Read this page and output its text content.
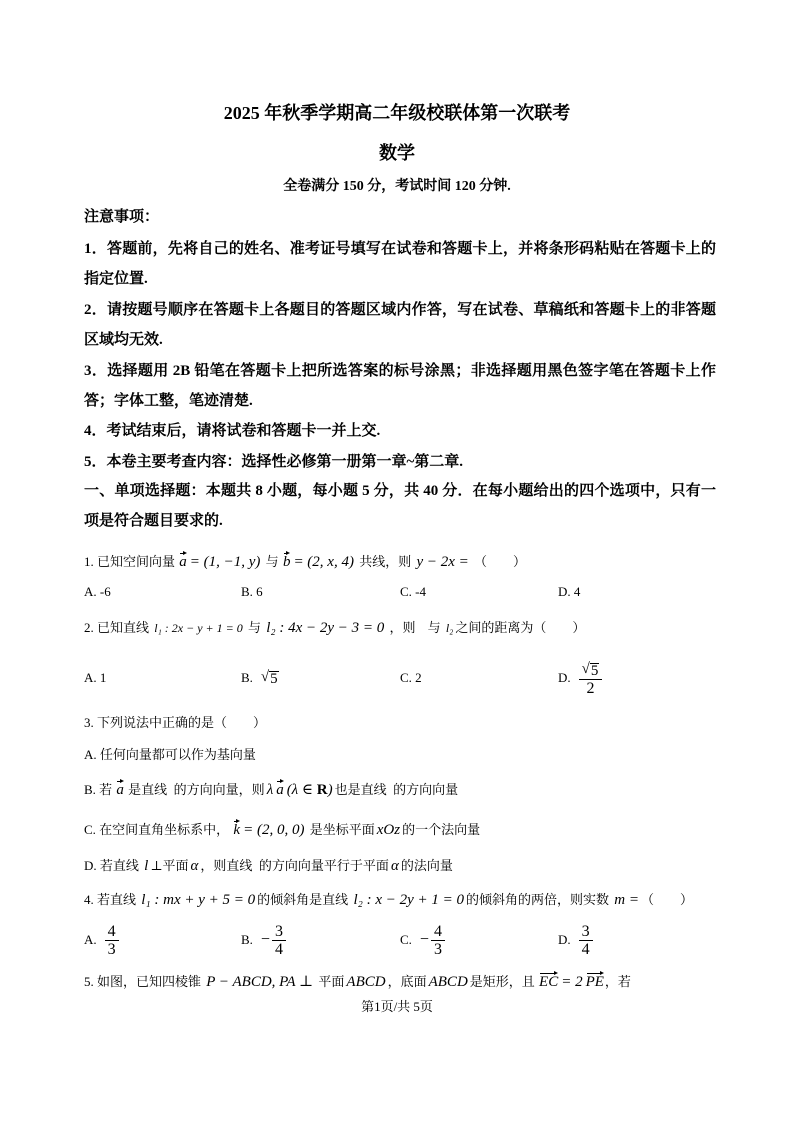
2025 年秋季学期高二年级校联体第一次联考
数学
全卷满分 150 分，考试时间 120 分钟.

注意事项：

1．答题前，先将自己的姓名、准考证号填写在试卷和答题卡上，并将条形码粘贴在答题卡上的指定位置.

2．请按题号顺序在答题卡上各题目的答题区域内作答，写在试卷、草稿纸和答题卡上的非答题区域均无效.

3．选择题用 2B 铅笔在答题卡上把所选答案的标号涂黑；非选择题用黑色签字笔在答题卡上作答；字体工整，笔迹清楚.

4．考试结束后，请将试卷和答题卡一并上交.

5．本卷主要考查内容：选择性必修第一册第一章~第二章.

一、单项选择题：本题共 8 小题，每小题 5 分，共 40 分．在每小题给出的四个选项中，只有一项是符合题目要求的.

1. 已知空间向量 a = (1, −1, y) 与 b = (2, x, 4) 共线，则 y − 2x = （　　）
A. -6	B. 6	C. -4	D. 4
2. 已知直线 l₁ : 2x − y + 1 = 0 与 l₂ : 4x − 2y − 3 = 0 ，则 与 l₂ 之间的距离为（　　）
A. 1	B. √ 5	C. 2	D. $\frac{√ 5}{2}$
3. 下列说法中正确的是（　　）
A. 任何向量都可以作为基向量
B. 若 a 是直线  的方向向量，则 λ a (λ ∈ R) 也是直线  的方向向量
C. 在空间直角坐标系中， k = (2, 0, 0) 是坐标平面 xOz 的一个法向量
D. 若直线 l ⊥平面 α ，则直线  的方向向量平行于平面 α 的法向量
4. 若直线 l₁ : mx + y + 5 = 0 的倾斜角是直线 l₂ : x − 2y + 1 = 0 的倾斜角的两倍，则实数 m = （　　）
A. $\frac{4}{3}$	B. − $\frac{3}{4}$	C. − $\frac{4}{3}$	D. $\frac{3}{4}$
5. 如图，已知四棱锥 P − ABCD, PA ⊥ 平面 ABCD ，底面 ABCD 是矩形，且 EC = 2 PE，若
第1页/共 5页
